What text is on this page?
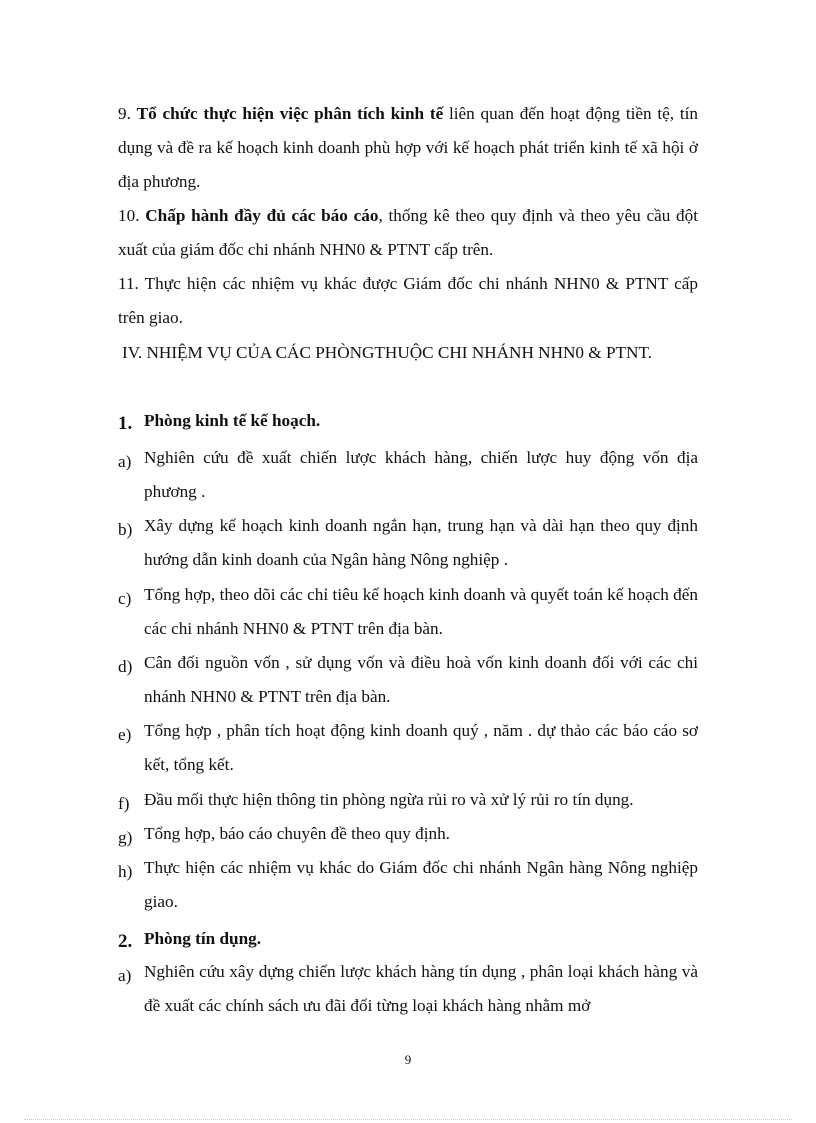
9. Tổ chức thực hiện việc phân tích kinh tế liên quan đến hoạt động tiền tệ, tín dụng và đề ra kế hoạch kinh doanh phù hợp với kế hoạch phát triển kinh tế xã hội ở địa phương.
10. Chấp hành đầy đủ các báo cáo, thống kê theo quy định và theo yêu cầu đột xuất của giám đốc chi nhánh NHN0 & PTNT cấp trên.
11. Thực hiện các nhiệm vụ khác được Giám đốc chi nhánh NHN0 & PTNT cấp trên giao.
IV. NHIỆM VỤ CỦA CÁC PHÒNGTHUỘC CHI NHÁNH NHN0 & PTNT.
1. Phòng kinh tế kế hoạch.
a) Nghiên cứu đề xuất chiến lược khách hàng, chiến lược huy động vốn địa phương .
b) Xây dựng kế hoạch kinh doanh ngắn hạn, trung hạn và dài hạn theo quy định hướng dẫn kinh doanh của Ngân hàng Nông nghiệp .
c) Tổng hợp, theo dõi các chỉ tiêu kế hoạch kinh doanh và quyết toán kế hoạch đến các chi nhánh NHN0 & PTNT trên địa bàn.
d) Cân đối nguồn vốn , sử dụng vốn và điều hoà vốn kinh doanh đối với các chi nhánh NHN0 & PTNT trên địa bàn.
e) Tổng hợp , phân tích hoạt động kinh doanh quý , năm . dự thảo các báo cáo sơ kết, tổng kết.
f) Đầu mối thực hiện thông tin phòng ngừa rủi ro và xử lý rủi ro tín dụng.
g) Tổng hợp, báo cáo chuyên đề theo quy định.
h) Thực hiện các nhiệm vụ khác do Giám đốc chi nhánh Ngân hàng Nông nghiệp giao.
2. Phòng tín dụng.
a) Nghiên cứu xây dựng chiến lược khách hàng tín dụng , phân loại khách hàng và đề xuất các chính sách ưu đãi đối từng loại khách hàng nhằm mở
9
